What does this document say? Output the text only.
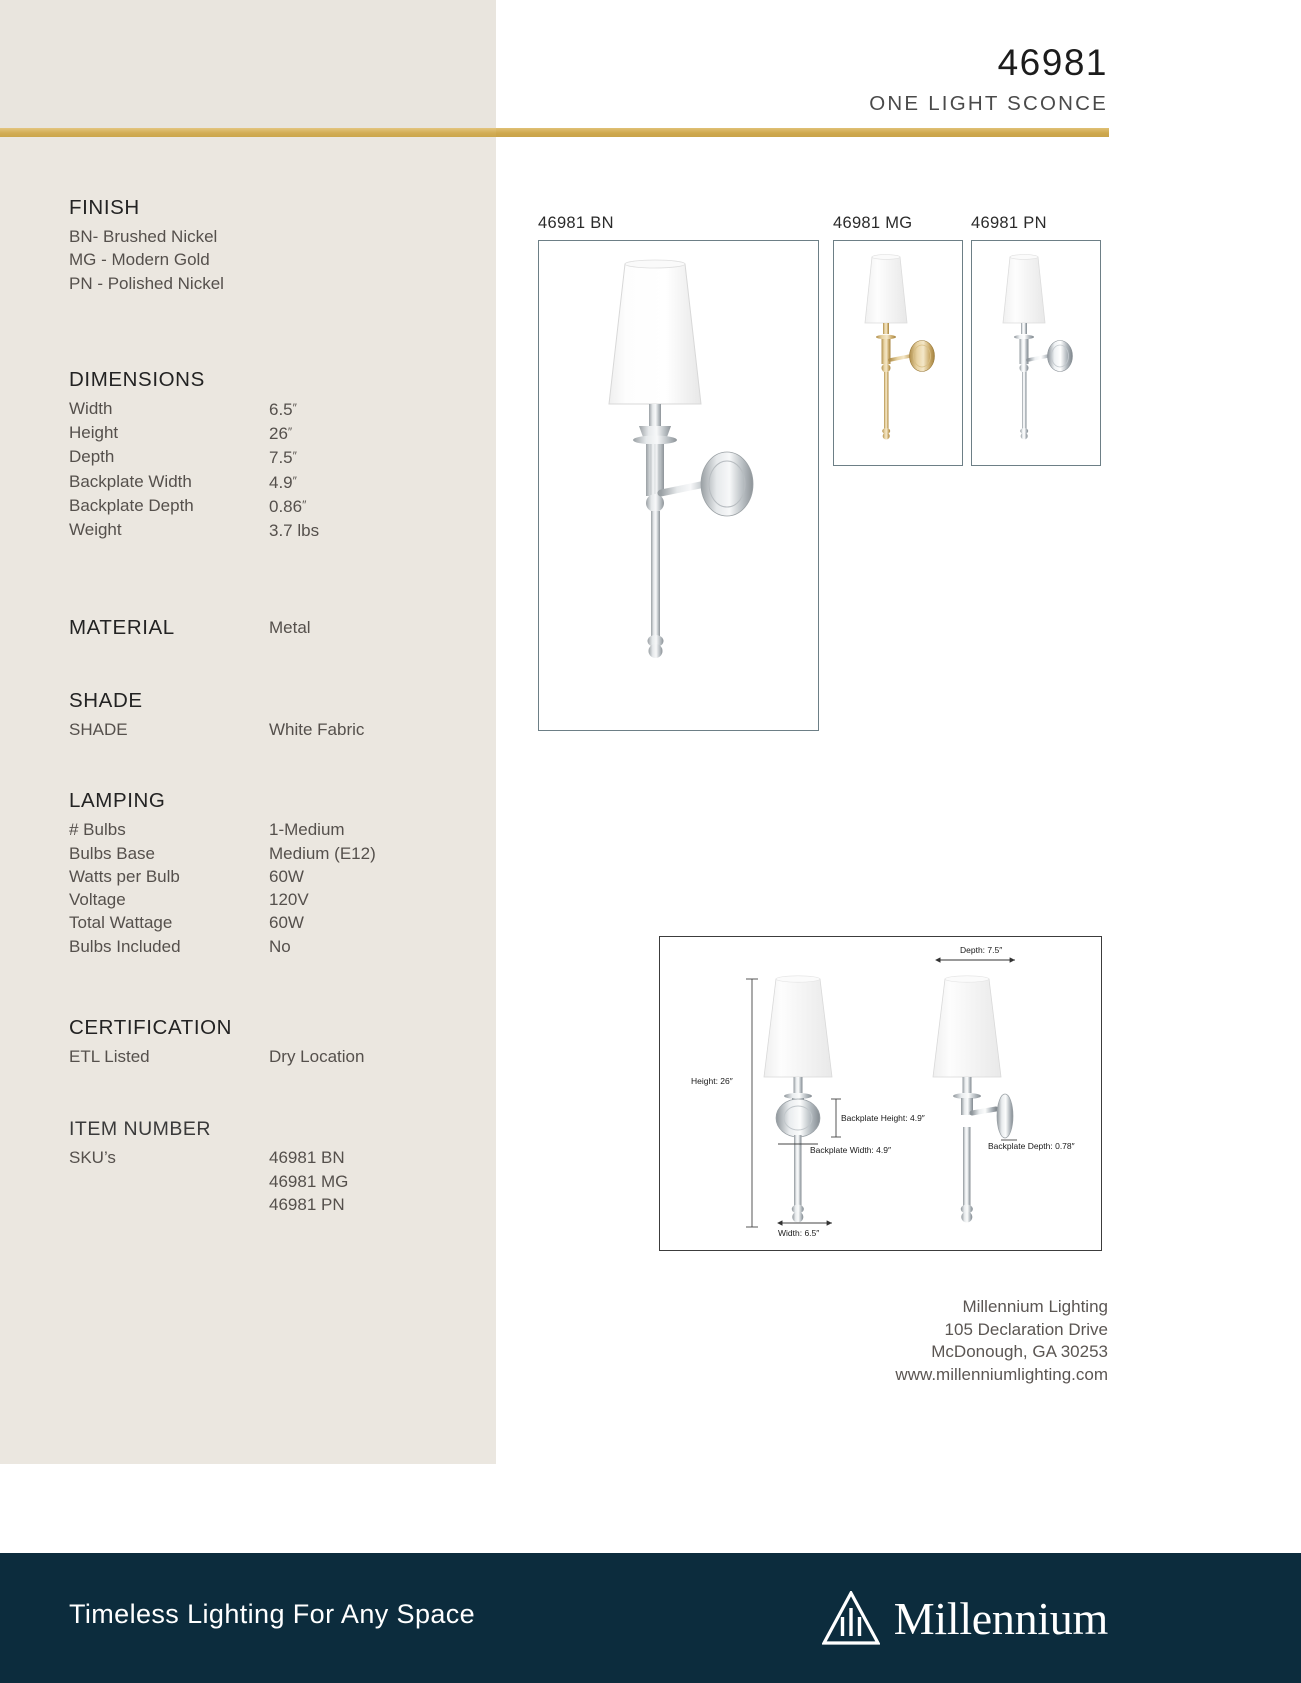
46981
ONE LIGHT SCONCE
FINISH
BN- Brushed Nickel
MG - Modern Gold
PN - Polished Nickel
DIMENSIONS
Width	6.5″
Height	26″
Depth	7.5″
Backplate Width	4.9″
Backplate Depth	0.86″
Weight	3.7 lbs
MATERIAL	Metal
SHADE
SHADE	White Fabric
LAMPING
# Bulbs	1-Medium
Bulbs Base	Medium (E12)
Watts per Bulb	60W
Voltage	120V
Total Wattage	60W
Bulbs Included	No
CERTIFICATION
ETL Listed	Dry Location
ITEM NUMBER
SKU’s	46981 BN
46981 MG
46981 PN
46981 BN	46981 MG	46981 PN
Height: 26″
Width: 6.5″
Depth: 7.5″
Backplate Height: 4.9″
Backplate Width: 4.9″	Backplate Depth: 0.78″
Millennium Lighting
105 Declaration Drive
McDonough, GA 30253
www.millenniumlighting.com
Timeless Lighting For Any Space	Millennium
